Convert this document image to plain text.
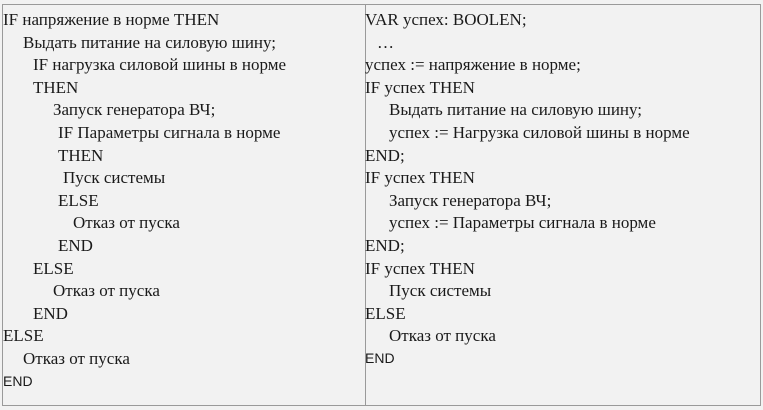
IF напряжение в норме THEN
Выдать питание на силовую шину;
IF нагрузка силовой шины в норме
THEN
Запуск генератора ВЧ;
IF Параметры сигнала в норме
THEN
Пуск системы
ELSE
Отказ от пуска
END
ELSE
Отказ от пуска
END
ELSE
Отказ от пуска
END
VAR успех: BOOLEN;
…
успех := напряжение в норме;
IF успех THEN
Выдать питание на силовую шину;
успех := Нагрузка силовой шины в норме
END;
IF успех THEN
Запуск генератора ВЧ;
успех := Параметры сигнала в норме
END;
IF успех THEN
Пуск системы
ELSE
Отказ от пуска
END
